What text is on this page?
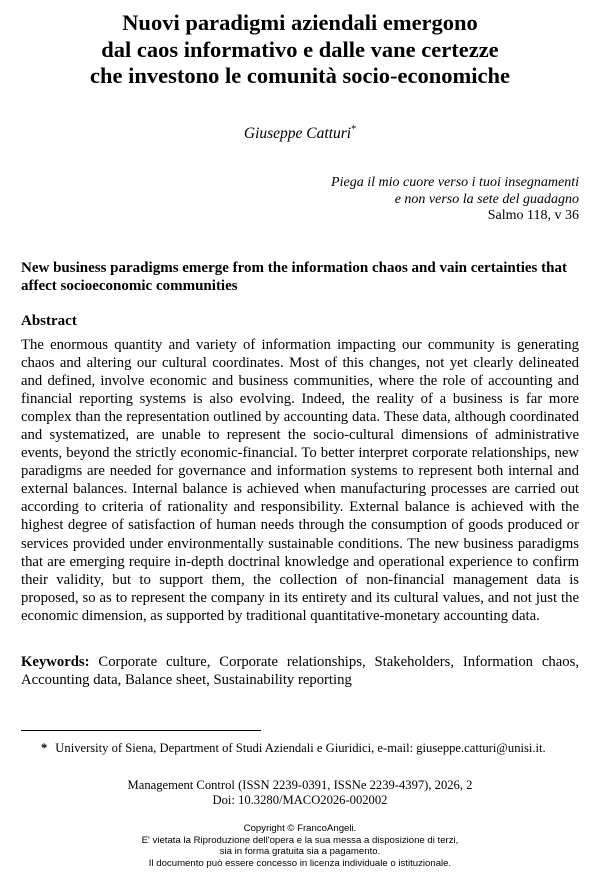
Nuovi paradigmi aziendali emergono
dal caos informativo e dalle vane certezze
che investono le comunità socio-economiche
Giuseppe Catturi*
Piega il mio cuore verso i tuoi insegnamenti
e non verso la sete del guadagno
Salmo 118, v 36
New business paradigms emerge from the information chaos and vain certainties that affect socioeconomic communities
Abstract

The enormous quantity and variety of information impacting our community is generating chaos and altering our cultural coordinates. Most of this changes, not yet clearly delineated and defined, involve economic and business communities, where the role of accounting and financial reporting systems is also evolving. Indeed, the reality of a business is far more complex than the representation outlined by accounting data. These data, although coordinated and systematized, are unable to represent the socio-cultural dimensions of administrative events, beyond the strictly economic-financial. To better interpret corporate relationships, new paradigms are needed for governance and information systems to represent both internal and external balances. Internal balance is achieved when manufacturing processes are carried out according to criteria of rationality and responsibility. External balance is achieved with the highest degree of satisfaction of human needs through the consumption of goods produced or services provided under environmentally sustainable conditions. The new business paradigms that are emerging require in-depth doctrinal knowledge and operational experience to confirm their validity, but to support them, the collection of non-financial management data is proposed, so as to represent the company in its entirety and its cultural values, and not just the economic dimension, as supported by traditional quantitative-monetary accounting data.

Keywords: Corporate culture, Corporate relationships, Stakeholders, Information chaos, Accounting data, Balance sheet, Sustainability reporting

* University of Siena, Department of Studi Aziendali e Giuridici, e-mail: giuseppe.catturi@unisi.it.

Management Control (ISSN 2239-0391, ISSNe 2239-4397), 2026, 2
Doi: 10.3280/MACO2026-002002
Copyright © FrancoAngeli.
E' vietata la Riproduzione dell'opera e la sua messa a disposizione di terzi,
sia in forma gratuita sia a pagamento.
Il documento può essere concesso in licenza individuale o istituzionale.
